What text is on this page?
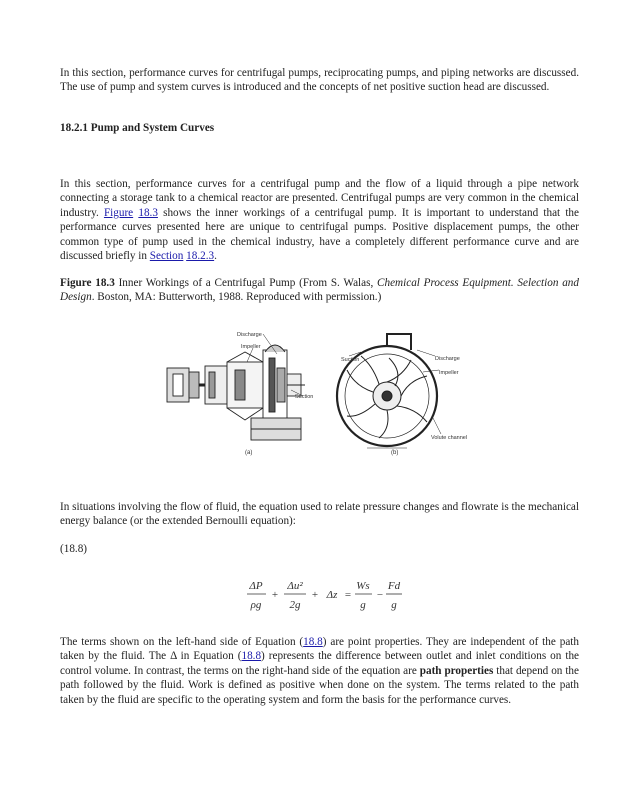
In this section, performance curves for centrifugal pumps, reciprocating pumps, and piping networks are discussed. The use of pump and system curves is introduced and the concepts of net positive suction head are discussed.

18.2.1 Pump and System Curves

In this section, performance curves for a centrifugal pump and the flow of a liquid through a pipe network connecting a storage tank to a chemical reactor are presented. Centrifugal pumps are very common in the chemical industry. Figure 18.3 shows the inner workings of a centrifugal pump. It is important to understand that the performance curves presented here are unique to centrifugal pumps. Positive displacement pumps, the other common type of pump used in the chemical industry, have a completely different performance curve and are discussed briefly in Section 18.2.3.

Figure 18.3 Inner Workings of a Centrifugal Pump (From S. Walas, Chemical Process Equipment. Selection and Design. Boston, MA: Butterworth, 1988. Reproduced with permission.)

Discharge
Impeller
Suction
(a)
Suction	Discharge
Impeller
Volute channel
(b)

In situations involving the flow of fluid, the equation used to relate pressure changes and flowrate is the mechanical energy balance (or the extended Bernoulli equation):

(18.8)

ΔP
ρg
+
Δu²
2g
+ Δz =
Ws
g
−
Fd
g

The terms shown on the left-hand side of Equation (18.8) are point properties. They are independent of the path taken by the fluid. The Δ in Equation (18.8) represents the difference between outlet and inlet conditions on the control volume. In contrast, the terms on the right-hand side of the equation are path properties that depend on the path followed by the fluid. Work is defined as positive when done on the system. The terms related to the path taken by the fluid are specific to the operating system and form the basis for the performance curves.
